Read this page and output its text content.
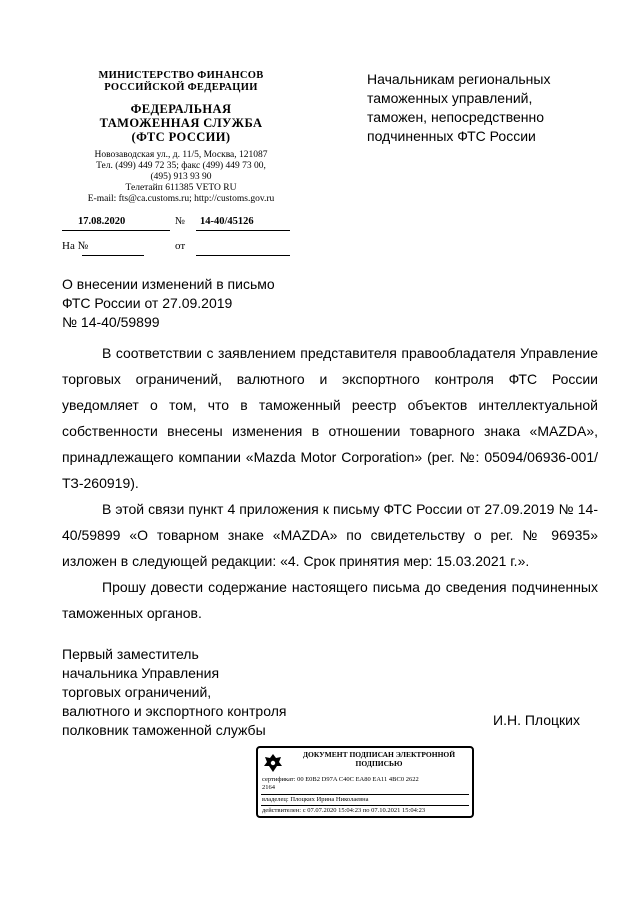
МИНИСТЕРСТВО ФИНАНСОВ
РОССИЙСКОЙ ФЕДЕРАЦИИ
ФЕДЕРАЛЬНАЯ
ТАМОЖЕННАЯ СЛУЖБА
(ФТС РОССИИ)
Новозаводская ул., д. 11/5, Москва, 121087
Тел. (499) 449 72 35; факс (499) 449 73 00,
(495) 913 93 90
Телетайп 611385 VETO RU
E-mail: fts@ca.customs.ru; http://customs.gov.ru
17.08.2020	№ 14-40/45126
На №	от
Начальникам региональных
таможенных управлений,
таможен, непосредственно
подчиненных ФТС России
О внесении изменений в письмо
ФТС России от 27.09.2019
№ 14-40/59899

В соответствии с заявлением представителя правообладателя Управление торговых ограничений, валютного и экспортного контроля ФТС России уведомляет о том, что в таможенный реестр объектов интеллектуальной собственности внесены изменения в отношении товарного знака «MAZDA», принадлежащего компании «Mazda Motor Corporation» (рег. №: 05094/06936-001/ТЗ-260919).

В этой связи пункт 4 приложения к письму ФТС России от 27.09.2019 № 14-40/59899 «О товарном знаке «MAZDA» по свидетельству о рег. № 96935» изложен в следующей редакции: «4. Срок принятия мер: 15.03.2021 г.».

Прошу довести содержание настоящего письма до сведения подчиненных таможенных органов.

Первый заместитель
начальника Управления
торговых ограничений,
валютного и экспортного контроля
полковник таможенной службы
И.Н. Плоцких
ДОКУМЕНТ ПОДПИСАН ЭЛЕКТРОННОЙ
ПОДПИСЬЮ
сертификат: 00 E0B2 D97A C40C EA80 EA11 4BC0 2622
2164
владелец: Плоцких Ирина Николаевна
действителен: с 07.07.2020 15:04:23 по 07.10.2021 15:04:23
